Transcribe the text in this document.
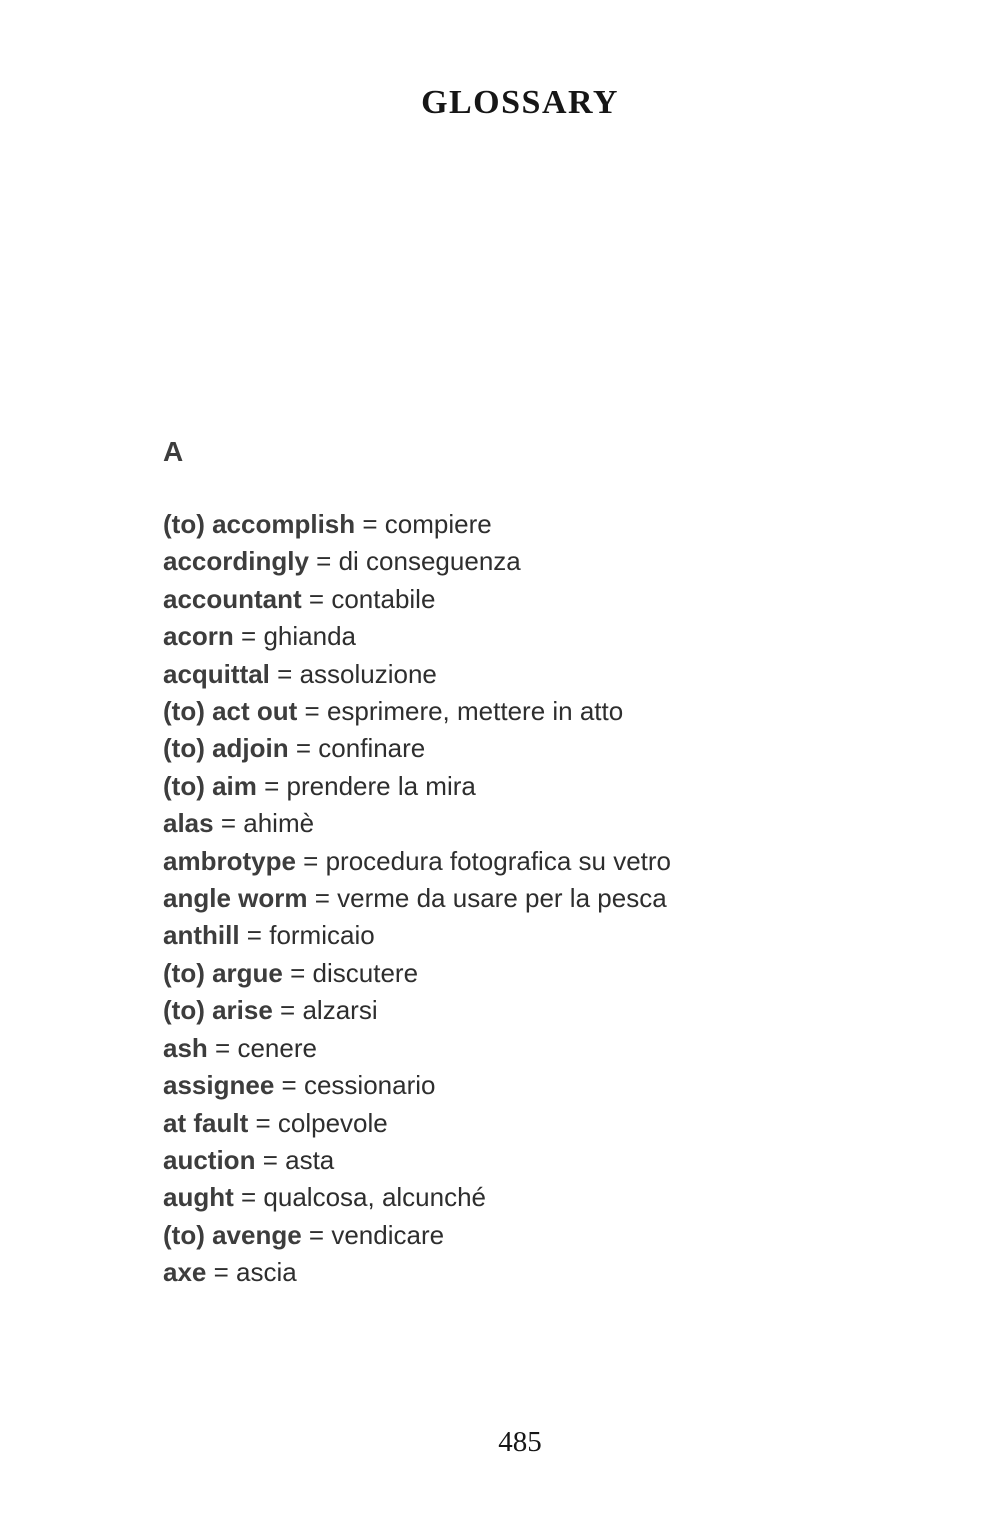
GLOSSARY
A
(to) accomplish = compiere
accordingly = di conseguenza
accountant = contabile
acorn = ghianda
acquittal = assoluzione
(to) act out = esprimere, mettere in atto
(to) adjoin = confinare
(to) aim = prendere la mira
alas = ahimè
ambrotype = procedura fotografica su vetro
angle worm = verme da usare per la pesca
anthill = formicaio
(to) argue = discutere
(to) arise = alzarsi
ash = cenere
assignee = cessionario
at fault = colpevole
auction = asta
aught = qualcosa, alcunché
(to) avenge = vendicare
axe = ascia
485
